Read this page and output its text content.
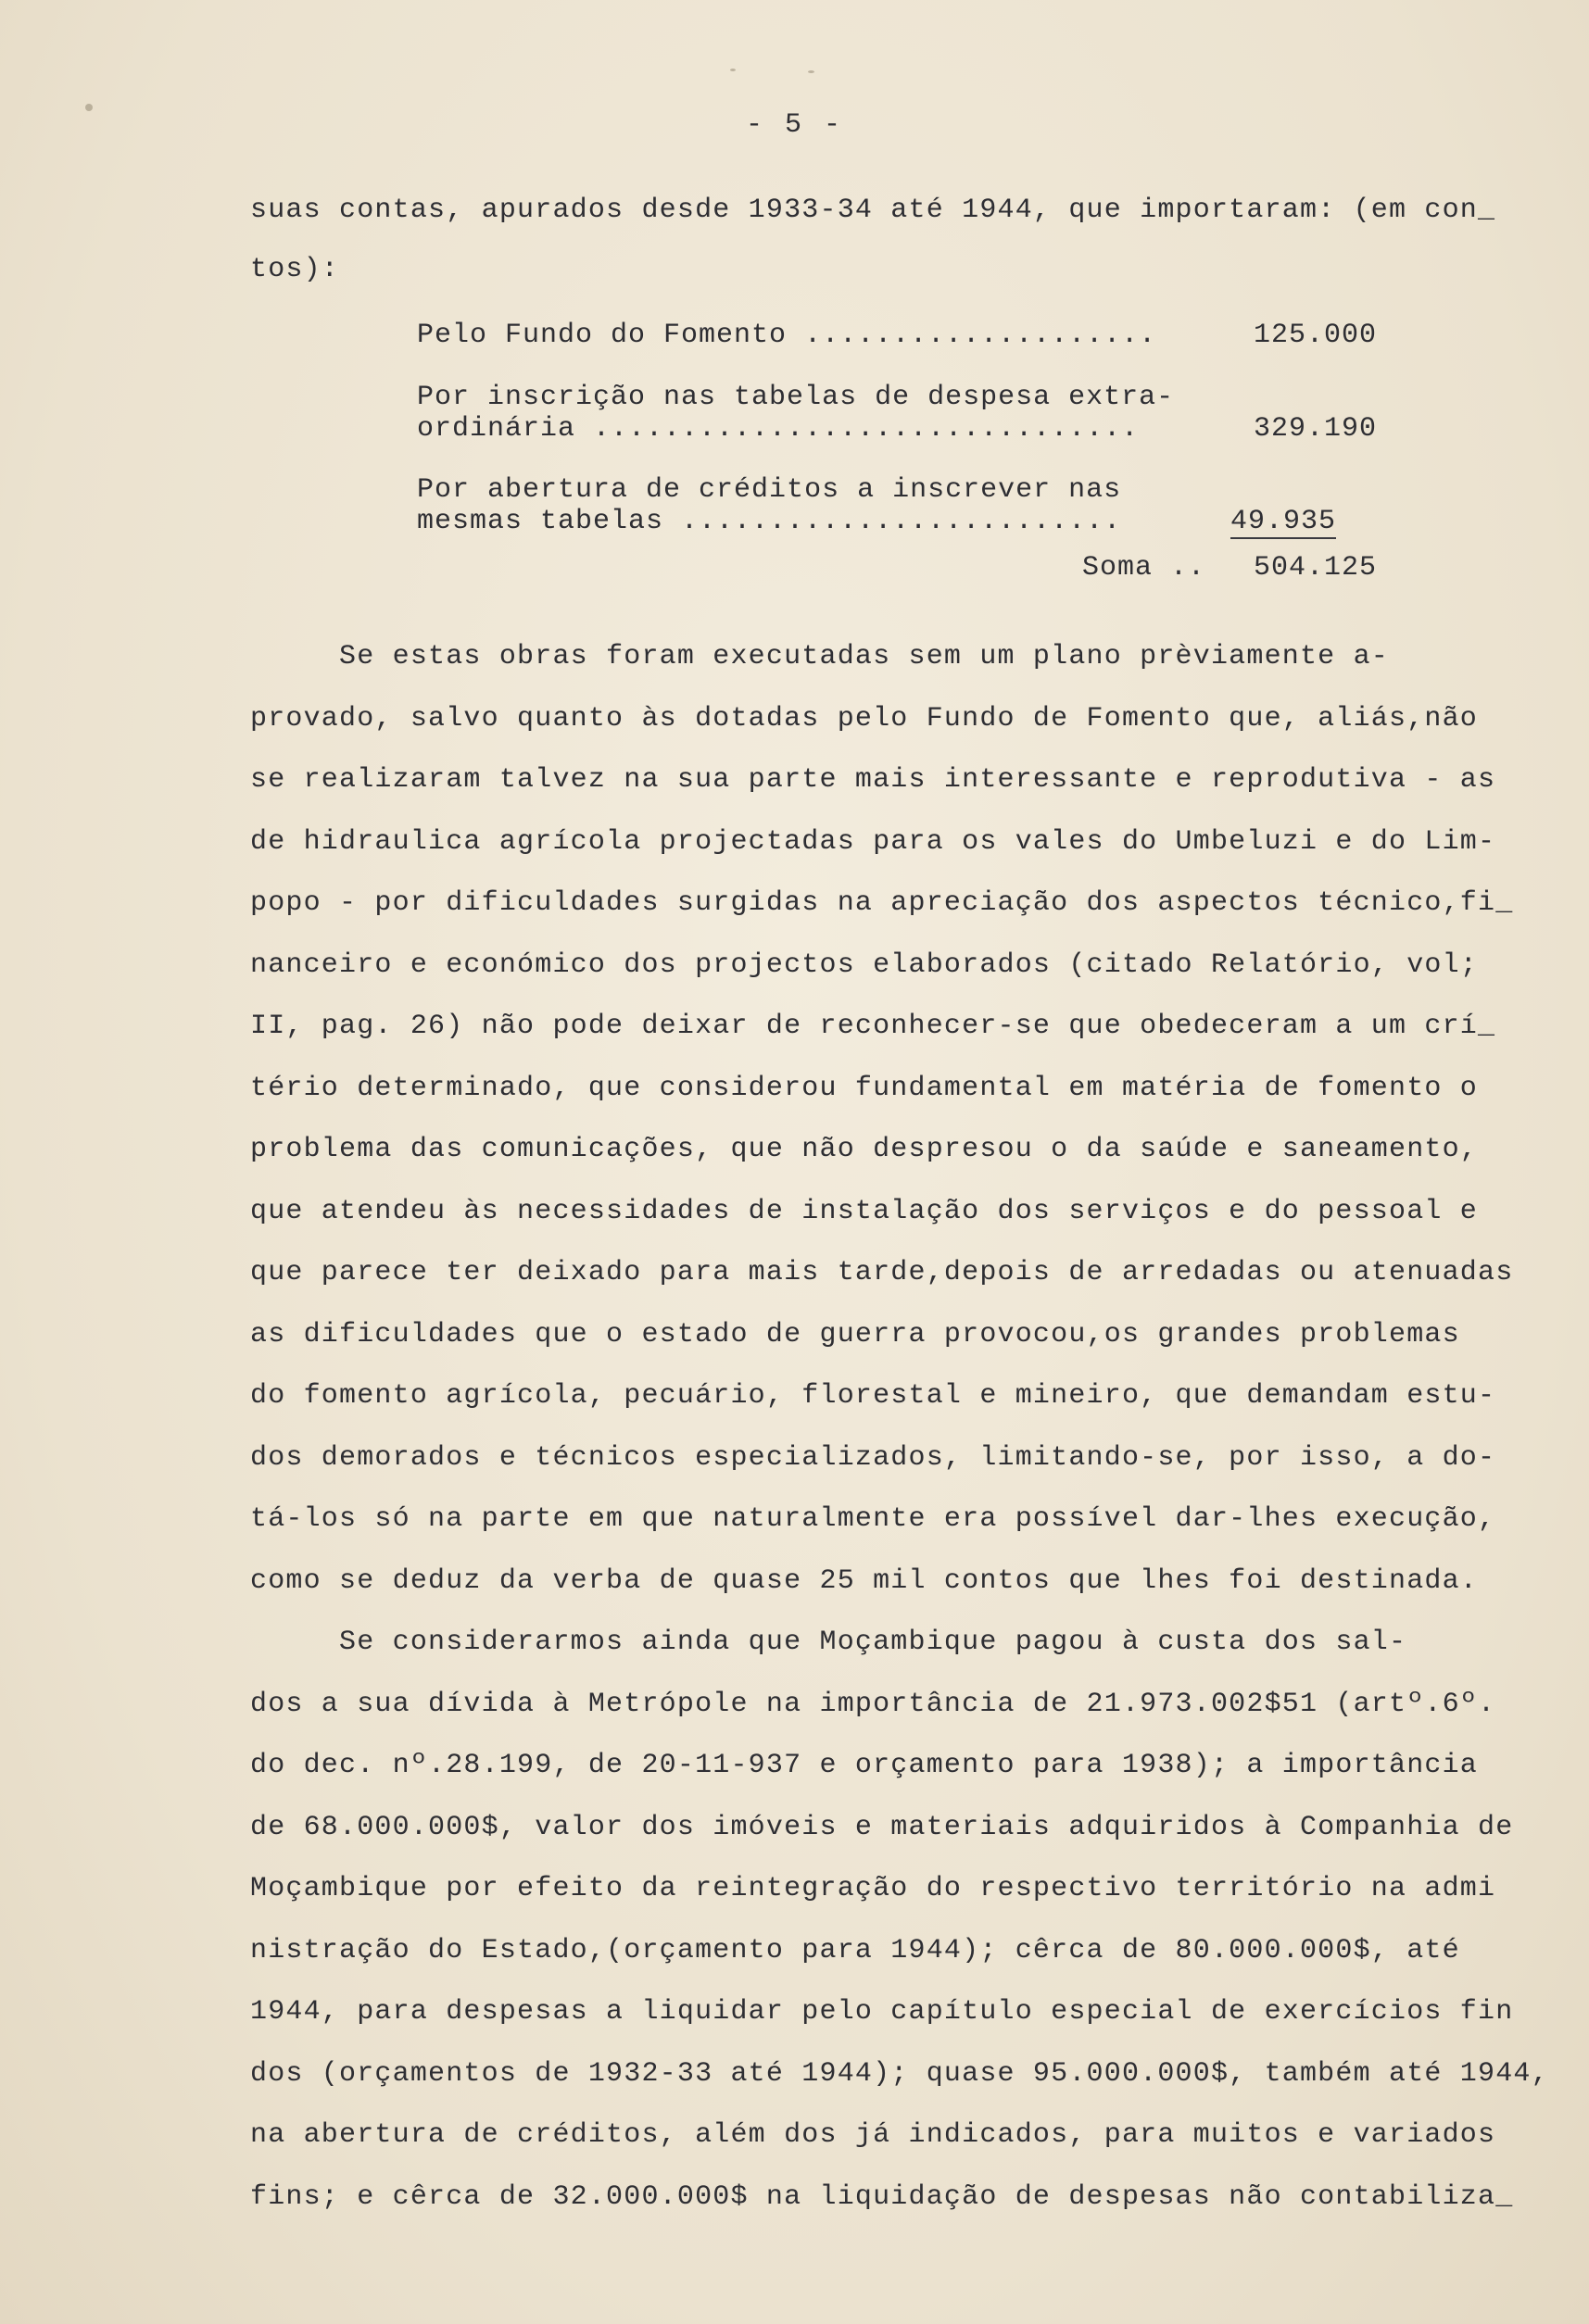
- 5 -
suas contas, apurados desde 1933-34 até 1944, que importaram: (em con_
tos):
Pelo Fundo do Fomento ....................	125.000
Por inscrição nas tabelas de despesa extra-
ordinária ...............................	329.190
Por abertura de créditos a inscrever nas
mesmas tabelas .........................	49.935
Soma ..	504.125
Se estas obras foram executadas sem um plano prèviamente a-
provado, salvo quanto às dotadas pelo Fundo de Fomento que, aliás,não
se realizaram talvez na sua parte mais interessante e reprodutiva - as
de hidraulica agrícola projectadas para os vales do Umbeluzi e do Lim-
popo - por dificuldades surgidas na apreciação dos aspectos técnico,fi_
nanceiro e económico dos projectos elaborados (citado Relatório, vol;
II, pag. 26) não pode deixar de reconhecer-se que obedeceram a um crí_
tério determinado, que considerou fundamental em matéria de fomento o
problema das comunicações, que não despresou o da saúde e saneamento,
que atendeu às necessidades de instalação dos serviços e do pessoal e
que parece ter deixado para mais tarde,depois de arredadas ou atenuadas
as dificuldades que o estado de guerra provocou,os grandes problemas
do fomento agrícola, pecuário, florestal e mineiro, que demandam estu-
dos demorados e técnicos especializados, limitando-se, por isso, a do-
tá-los só na parte em que naturalmente era possível dar-lhes execução,
como se deduz da verba de quase 25 mil contos que lhes foi destinada.
Se considerarmos ainda que Moçambique pagou à custa dos sal-
dos a sua dívida à Metrópole na importância de 21.973.002$51 (artº.6º.
do dec. nº.28.199, de 20-11-937 e orçamento para 1938); a importância
de 68.000.000$, valor dos imóveis e materiais adquiridos à Companhia de
Moçambique por efeito da reintegração do respectivo território na admi
nistração do Estado,(orçamento para 1944); cêrca de 80.000.000$, até
1944, para despesas a liquidar pelo capítulo especial de exercícios fin
dos (orçamentos de 1932-33 até 1944); quase 95.000.000$, também até 1944,
na abertura de créditos, além dos já indicados, para muitos e variados
fins; e cêrca de 32.000.000$ na liquidação de despesas não contabiliza_
